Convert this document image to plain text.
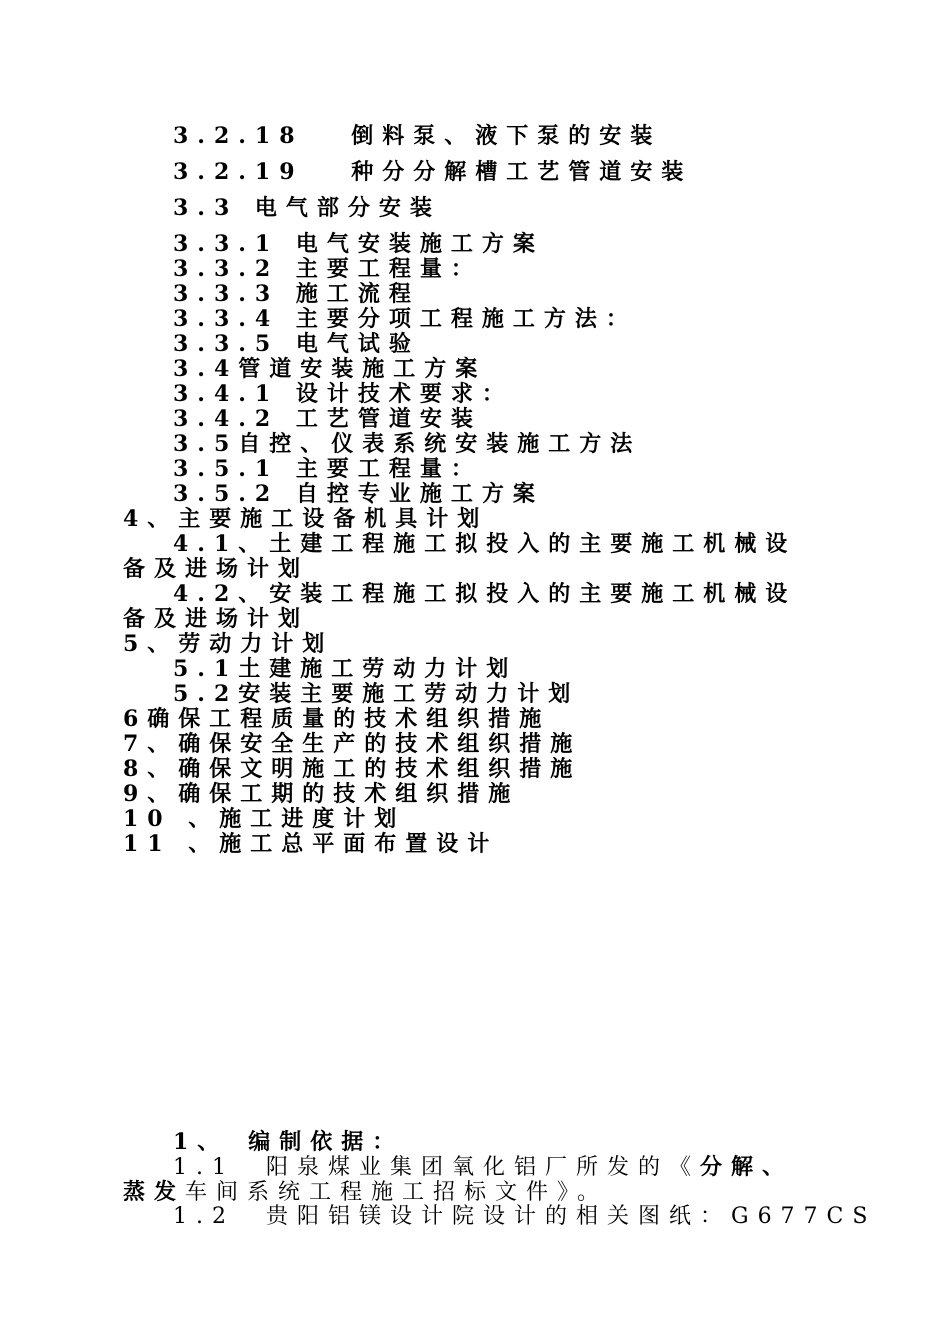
3.2.18　 倒料泵、液下泵的安装
3.2.19　 种分分解槽工艺管道安装
3.3 电气部分安装
3.3.1 电气安装施工方案
3.3.2 主要工程量：
3.3.3 施工流程
3.3.4 主要分项工程施工方法：
3.3.5 电气试验
3.4管道安装施工方案
3.4.1 设计技术要求：
3.4.2 工艺管道安装
3.5自控、仪表系统安装施工方法
3.5.1 主要工程量：
3.5.2 自控专业施工方案
4、主要施工设备机具计划
4.1、土建工程施工拟投入的主要施工机械设
备及进场计划
4.2、安装工程施工拟投入的主要施工机械设
备及进场计划
5、劳动力计划
5.1土建施工劳动力计划
5.2安装主要施工劳动力计划
6确保工程质量的技术组织措施
7、确保安全生产的技术组织措施
8、确保文明施工的技术组织措施
9、确保工期的技术组织措施
10 、施工进度计划
11 、施工总平面布置设计
1、　编制依据：
1.1　阳泉煤业集团氧化铝厂所发的《分解、
蒸发车间系统工程施工招标文件》。
1.2　贵阳铝镁设计院设计的相关图纸：G677CS
